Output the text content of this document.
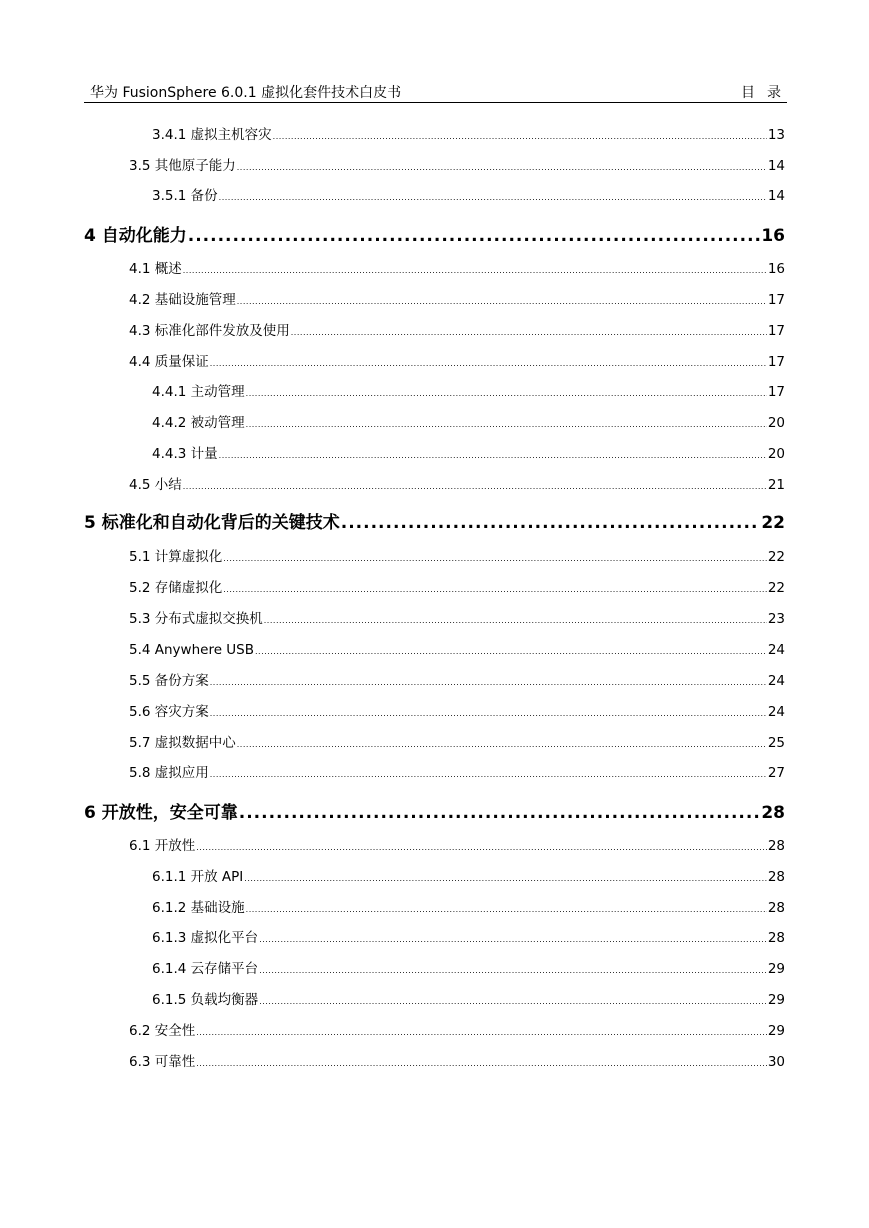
华为 FusionSphere 6.0.1 虚拟化套件技术白皮书	目录
3.4.1 虚拟主机容灾 .....	13
3.5 其他原子能力 .....	14
3.5.1 备份 .....	14
4 自动化能力 .....	16
4.1 概述 .....	16
4.2 基础设施管理 .....	17
4.3 标准化部件发放及使用 .....	17
4.4 质量保证 .....	17
4.4.1 主动管理 .....	17
4.4.2 被动管理 .....	20
4.4.3 计量 .....	20
4.5 小结 .....	21
5 标准化和自动化背后的关键技术 .....	22
5.1 计算虚拟化 .....	22
5.2 存储虚拟化 .....	22
5.3 分布式虚拟交换机 .....	23
5.4 Anywhere USB .....	24
5.5 备份方案 .....	24
5.6 容灾方案 .....	24
5.7 虚拟数据中心 .....	25
5.8 虚拟应用 .....	27
6 开放性，安全可靠 .....	28
6.1 开放性 .....	28
6.1.1 开放 API .....	28
6.1.2 基础设施 .....	28
6.1.3 虚拟化平台 .....	28
6.1.4 云存储平台 .....	29
6.1.5 负载均衡器 .....	29
6.2 安全性 .....	29
6.3 可靠性 .....	30
